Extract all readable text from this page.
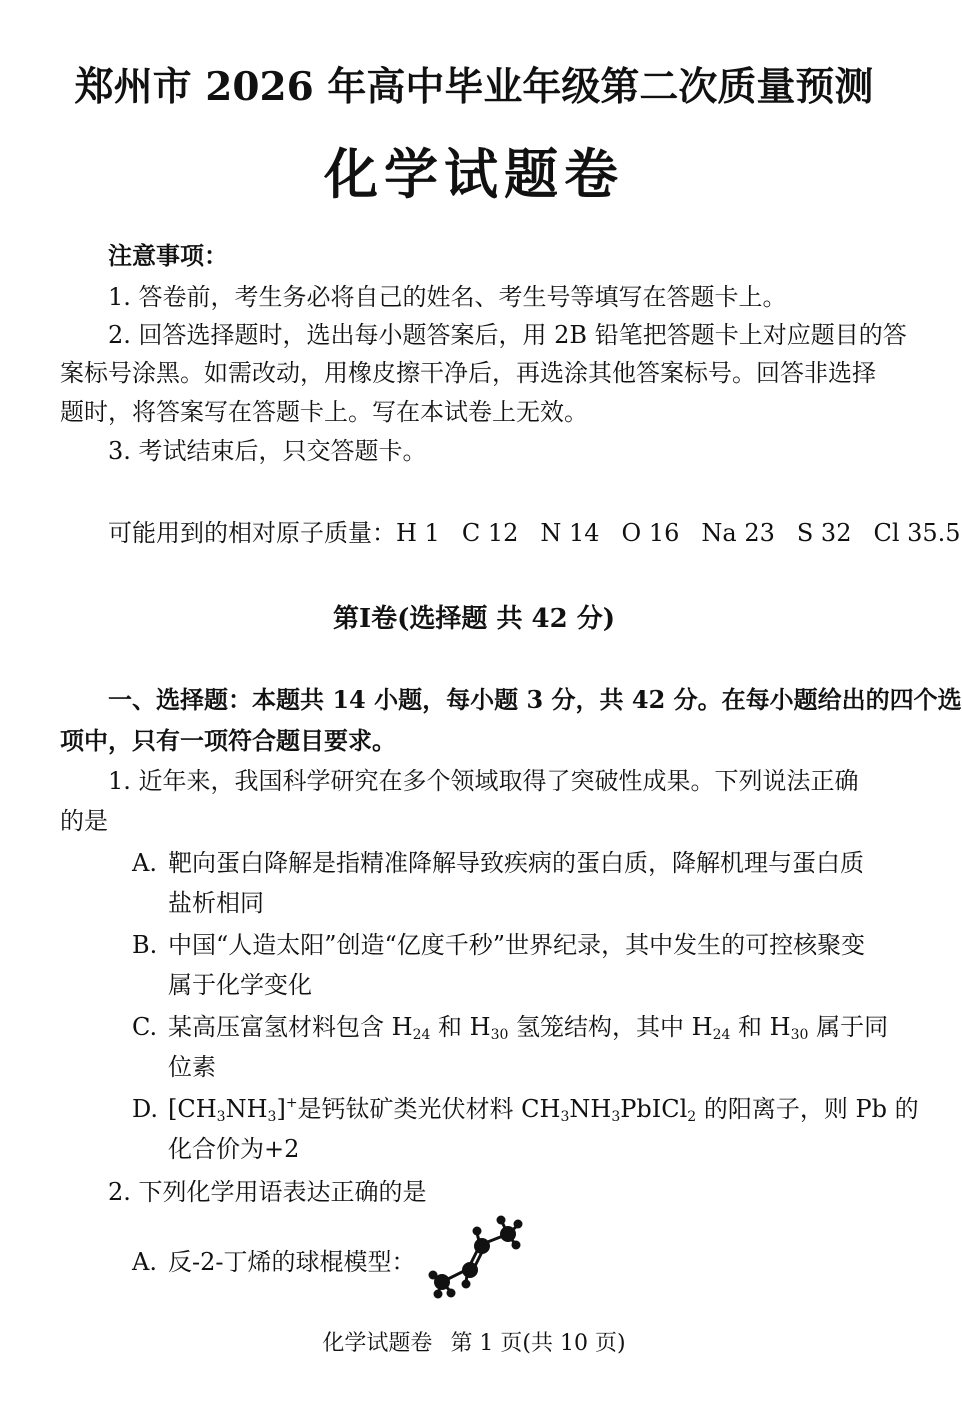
郑州市 2026 年高中毕业年级第二次质量预测
化学试题卷
注意事项：
1. 答卷前，考生务必将自己的姓名、考生号等填写在答题卡上。
2. 回答选择题时，选出每小题答案后，用 2B 铅笔把答题卡上对应题目的答
案标号涂黑。如需改动，用橡皮擦干净后，再选涂其他答案标号。回答非选择
题时，将答案写在答题卡上。写在本试卷上无效。
3. 考试结束后，只交答题卡。
可能用到的相对原子质量：H 1 C 12 N 14 O 16 Na 23 S 32 Cl 35.5
第Ⅰ卷(选择题 共 42 分)
一、选择题：本题共 14 小题，每小题 3 分，共 42 分。在每小题给出的四个选
项中，只有一项符合题目要求。
1. 近年来，我国科学研究在多个领域取得了突破性成果。下列说法正确
的是
A. 靶向蛋白降解是指精准降解导致疾病的蛋白质，降解机理与蛋白质
盐析相同
B. 中国“人造太阳”创造“亿度千秒”世界纪录，其中发生的可控核聚变
属于化学变化
C. 某高压富氢材料包含 $H_{24}$ 和 $H_{30}$ 氢笼结构，其中 $H_{24}$ 和 $H_{30}$ 属于同
位素
D. $[CH_3NH_3]^+$是钙钛矿类光伏材料 $CH_3NH_3PbICl_2$ 的阳离子，则 Pb 的
化合价为+2
2. 下列化学用语表达正确的是
A. 反-2-丁烯的球棍模型：
化学试题卷 第 1 页(共 10 页)
